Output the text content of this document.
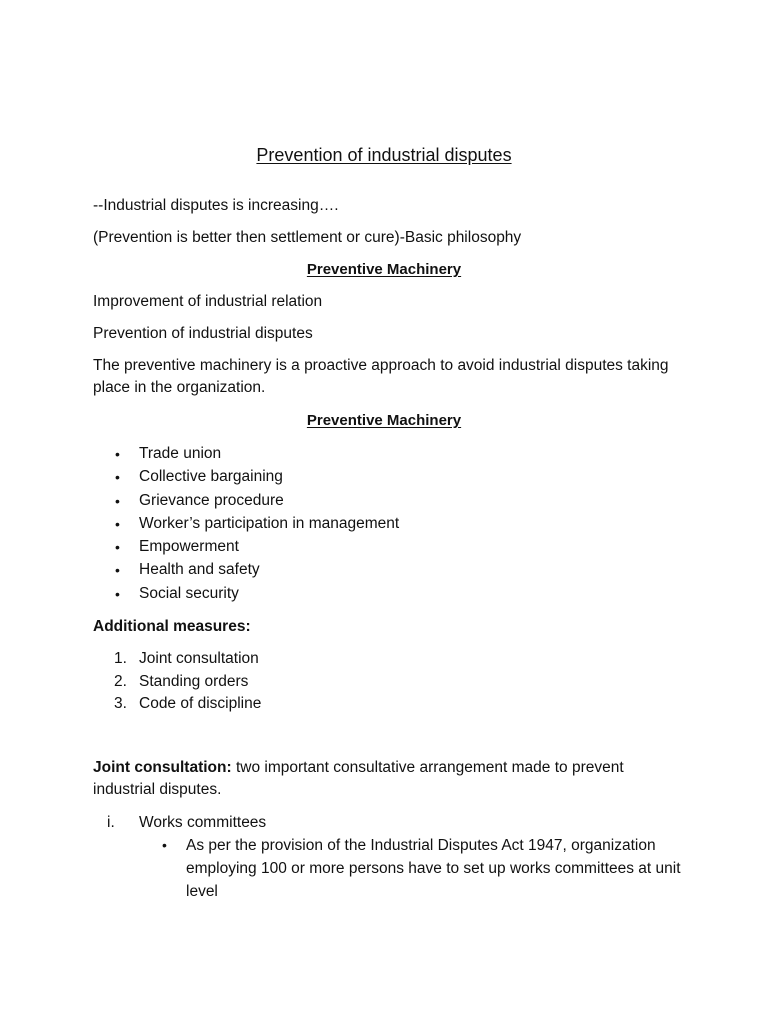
Prevention of industrial disputes

--Industrial disputes is increasing….

(Prevention is better then settlement or cure)-Basic philosophy

Preventive Machinery

Improvement of industrial relation

Prevention of industrial disputes

The preventive machinery is a proactive approach to avoid industrial disputes taking place in the organization.

Preventive Machinery
• Trade union
• Collective bargaining
• Grievance procedure
• Worker’s participation in management
• Empowerment
• Health and safety
• Social security

Additional measures:

1. Joint consultation
2. Standing orders
3. Code of discipline

Joint consultation: two important consultative arrangement made to prevent industrial disputes.

i. Works committees
• As per the provision of the Industrial Disputes Act 1947, organization employing 100 or more persons have to set up works committees at unit level
